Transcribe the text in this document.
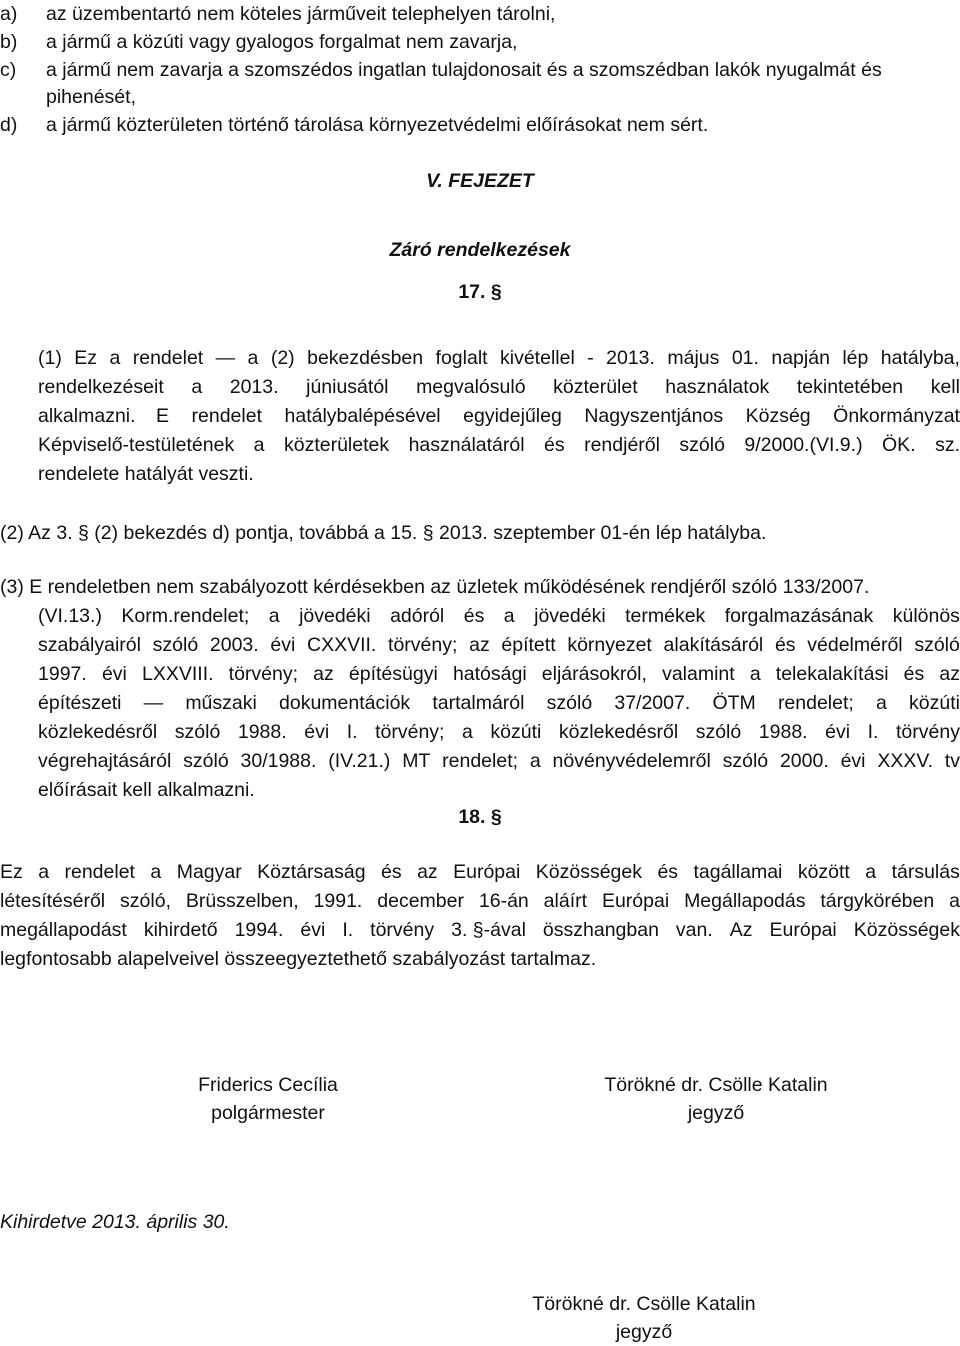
a) az üzembentartó nem köteles járműveit telephelyen tárolni,
b) a jármű a közúti vagy gyalogos forgalmat nem zavarja,
c) a jármű nem zavarja a szomszédos ingatlan tulajdonosait és a szomszédban lakók nyugalmát és
pihenését,
d) a jármű közterületen történő tárolása környezetvédelmi előírásokat nem sért.
V. FEJEZET
Záró rendelkezések
17. §
(1) Ez a rendelet — a (2) bekezdésben foglalt kivétellel - 2013. május 01. napján lép hatályba,
rendelkezéseit a 2013. júniusától megvalósuló közterület használatok tekintetében kell
alkalmazni. E rendelet hatálybalépésével egyidejűleg Nagyszentjános Község Önkormányzat
Képviselő-testületének a közterületek használatáról és rendjéről szóló 9/2000.(VI.9.) ÖK. sz.
rendelete hatályát veszti.
(2) Az 3. § (2) bekezdés d) pontja, továbbá a 15. § 2013. szeptember 01-én lép hatályba.
(3) E rendeletben nem szabályozott kérdésekben az üzletek működésének rendjéről szóló 133/2007.
(VI.13.) Korm.rendelet; a jövedéki adóról és a jövedéki termékek forgalmazásának különös
szabályairól szóló 2003. évi CXXVII. törvény; az épített környezet alakításáról és védelméről szóló
1997. évi LXXVIII. törvény; az építésügyi hatósági eljárásokról, valamint a telekalakítási és az
építészeti — műszaki dokumentációk tartalmáról szóló 37/2007. ÖTM rendelet; a közúti
közlekedésről szóló 1988. évi I. törvény; a közúti közlekedésről szóló 1988. évi I. törvény
végrehajtásáról szóló 30/1988. (IV.21.) MT rendelet; a növényvédelemről szóló 2000. évi XXXV. tv
előírásait kell alkalmazni.
18. §
Ez a rendelet a Magyar Köztársaság és az Európai Közösségek és tagállamai között a társulás
létesítéséről szóló, Brüsszelben, 1991. december 16-án aláírt Európai Megállapodás tárgykörében a
megállapodást kihirdető 1994. évi I. törvény 3. §-ával összhangban van. Az Európai Közösségek
legfontosabb alapelveivel összeegyeztethető szabályozást tartalmaz.
Friderics Cecília
polgármester
Törökné dr. Csölle Katalin
jegyző
Kihirdetve 2013. április 30.
Törökné dr. Csölle Katalin
jegyző
